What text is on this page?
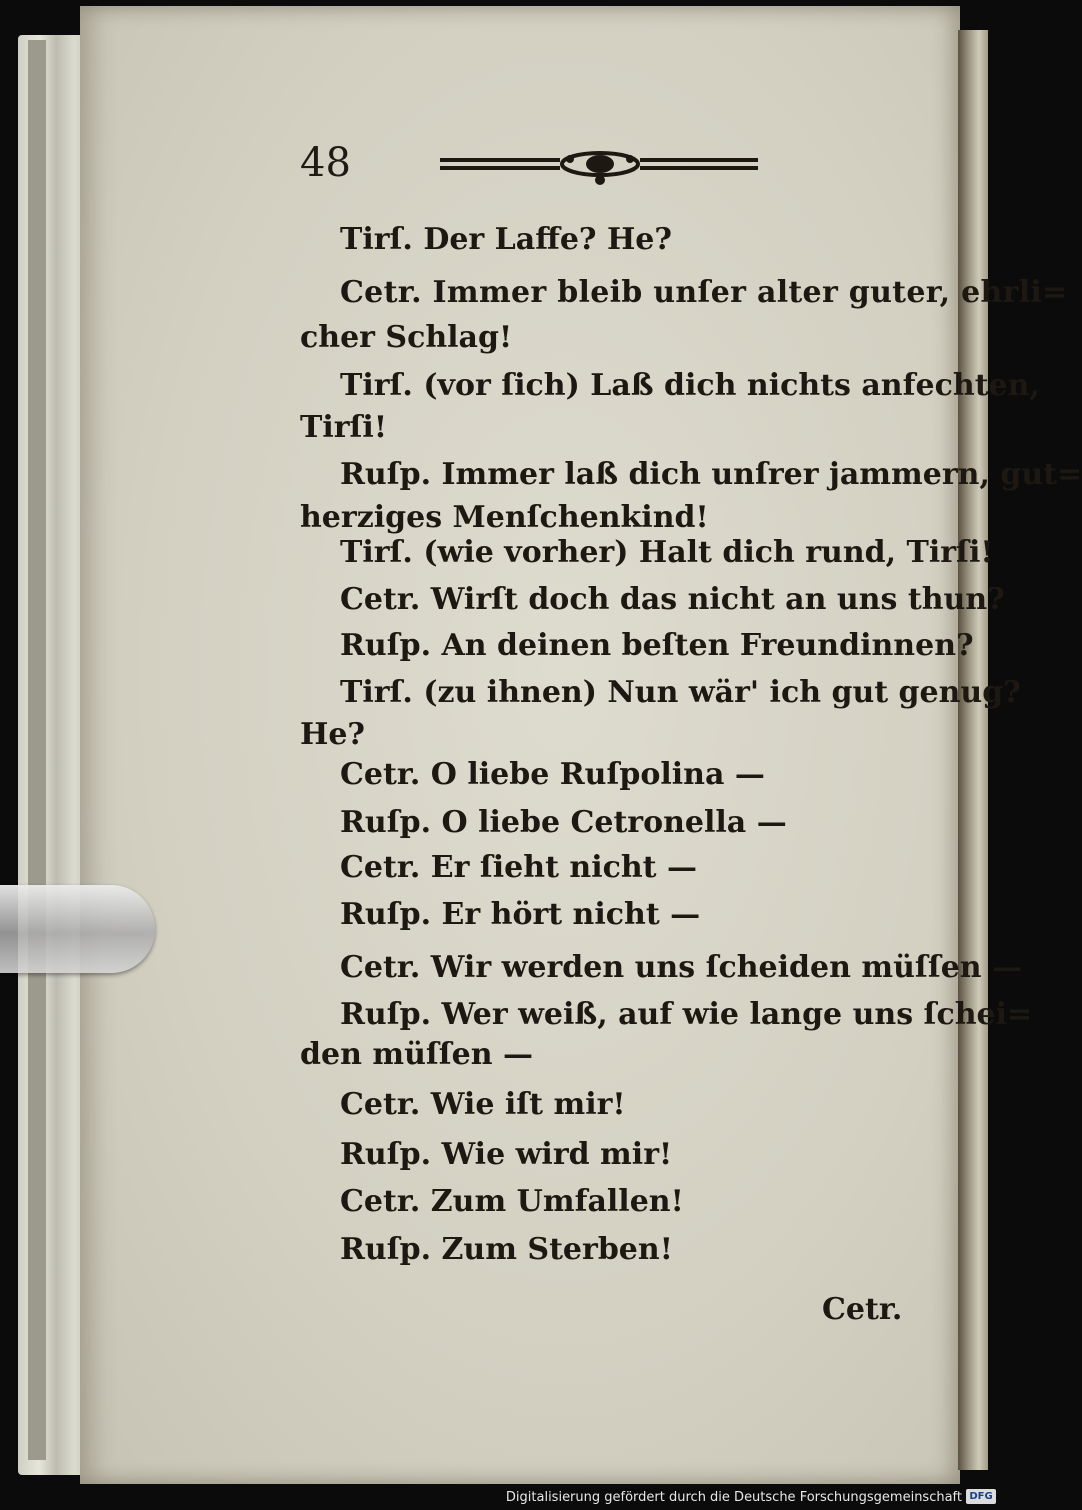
48
Tirſ. Der Laffe? He?
Cetr. Immer bleib unſer alter guter, ehrli=
cher Schlag!
Tirſ. (vor ſich) Laß dich nichts anfechten,
Tirſi!
Ruſp. Immer laß dich unſrer jammern, gut=
herziges Menſchenkind!
Tirſ. (wie vorher) Halt dich rund, Tirſi!
Cetr. Wirſt doch das nicht an uns thun?
Ruſp. An deinen beſten Freundinnen?
Tirſ. (zu ihnen) Nun wär' ich gut genug?
He?
Cetr. O liebe Ruſpolina —
Ruſp. O liebe Cetronella —
Cetr. Er ſieht nicht —
Ruſp. Er hört nicht —
Cetr. Wir werden uns ſcheiden müſſen —
Ruſp. Wer weiß, auf wie lange uns ſchei=
den müſſen —
Cetr. Wie iſt mir!
Ruſp. Wie wird mir!
Cetr. Zum Umfallen!
Ruſp. Zum Sterben!
Cetr.
Digitalisierung gefördert durch die Deutsche Forschungsgemeinschaft DFG
